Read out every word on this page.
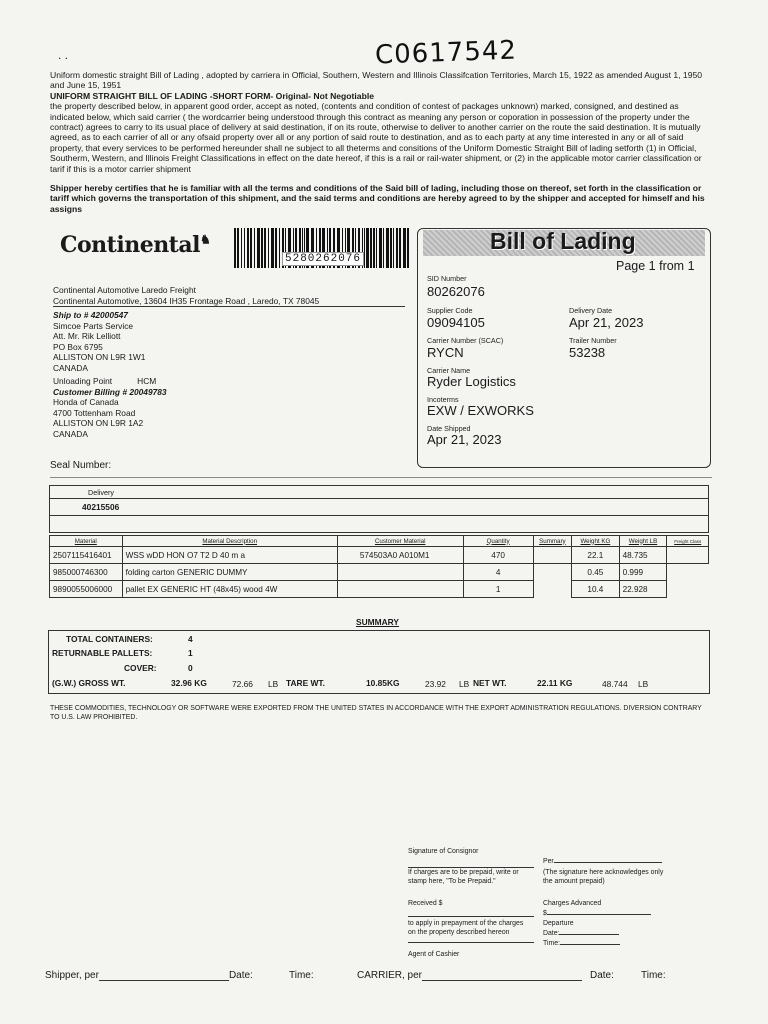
C0617542
. .

Uniform domestic straight Bill of Lading , adopted by carriera in Official, Southern, Western and Illinois Classifcation Territories, March 15, 1922 as amended August 1, 1950 and June 15, 1951

UNIFORM STRAIGHT BILL OF LADING -SHORT FORM- Original- Not Negotiable

the property described below, in apparent good order, accept as noted, (contents and condition of contest of packages unknown) marked, consigned, and destined as indicated below, which said carrier ( the wordcarrier being understood through this contract as meaning any person or coporation in possession of the property under the contract) agrees to carry to its usual place of delivery at said destination, if on its route, otherwise to deliver to another carrier on the route the said destination. It is mutually agreed, as to each carrier of all or any ofsaid property over all or any portion of said route to destination, and as to each party at any time interested in any or all of said property, that every services to be performed hereunder shall ne subject to all theterms and consitions of the Uniform Domestic Straight Bill of lading setforth (1) in Official, Southerm, Western, and Illinois Freight Classifications in effect on the date hereof, if this is a rail or rail-water shipment, or (2) in the applicable motor carrier classification or tarif if this is a motor carrier shipment

Shipper hereby certifies that he is familiar with all the terms and conditions of the Said bill of lading, including those on thereof, set forth in the classification or tariff which governs the transportation of this shipment, and the said terms and conditions are hereby agreed to by the shipper and accepted for himself and his assigns
Continental♞
5280262076
Bill of Lading
Page 1 from 1
SID Number
80262076
Supplier Code
09094105
Delivery Date
Apr 21, 2023
Carrier Number (SCAC)
RYCN
Trailer Number
53238
Carrier Name
Ryder Logistics
Incoterms
EXW / EXWORKS
Date Shipped
Apr 21, 2023
Continental Automotive Laredo Freight
Continental Automotive, 13604 IH35 Frontage Road , Laredo, TX 78045
Ship to # 42000547
Simcoe Parts Service
Att. Mr. Rik Lelliott
PO Box 6795
ALLISTON ON L9R 1W1
CANADA
Unloading Point	HCM
Customer Billing # 20049783
Honda of Canada
4700 Tottenham Road
ALLISTON ON L9R 1A2
CANADA
Seal Number:
Delivery
40215506

Material	Material Description	Customer Material	Quantity	Summary	Weight KG	Weight LB	Freight Class
2507115416401	WSS wDD HON O7 T2 D 40 m a	574503A0 A010M1	470		22.1	48.735	
985000746300	folding carton GENERIC DUMMY		4		0.45	0.999	
9890055006000	pallet EX GENERIC HT (48x45) wood 4W		1		10.4	22.928	
SUMMARY
TOTAL CONTAINERS:	4
RETURNABLE PALLETS:	1
COVER:	0
(G.W.) GROSS WT.	32.96 KG	72.66 LB TARE WT.	10.85KG	23.92 LB NET WT.	22.11 KG	48.744 LB
THESE COMMODITIES, TECHNOLOGY OR SOFTWARE WERE EXPORTED FROM THE UNITED STATES IN ACCORDANCE WITH THE EXPORT ADMINISTRATION REGULATIONS. DIVERSION CONTRARY TO U.S. LAW PROHIBITED.
Signature of Consignor
If charges are to be prepaid, write or
stamp here, "To be Prepaid."
Per
(The signature here acknowledges only
the amount prepaid)
Received $
to apply in prepayment of the charges
on the property described hereon
Agent of Cashier
Charges Advanced
$
Departure
Date:
Time:
Shipper, per	Date:	Time:	CARRIER, per	Date:	Time:
